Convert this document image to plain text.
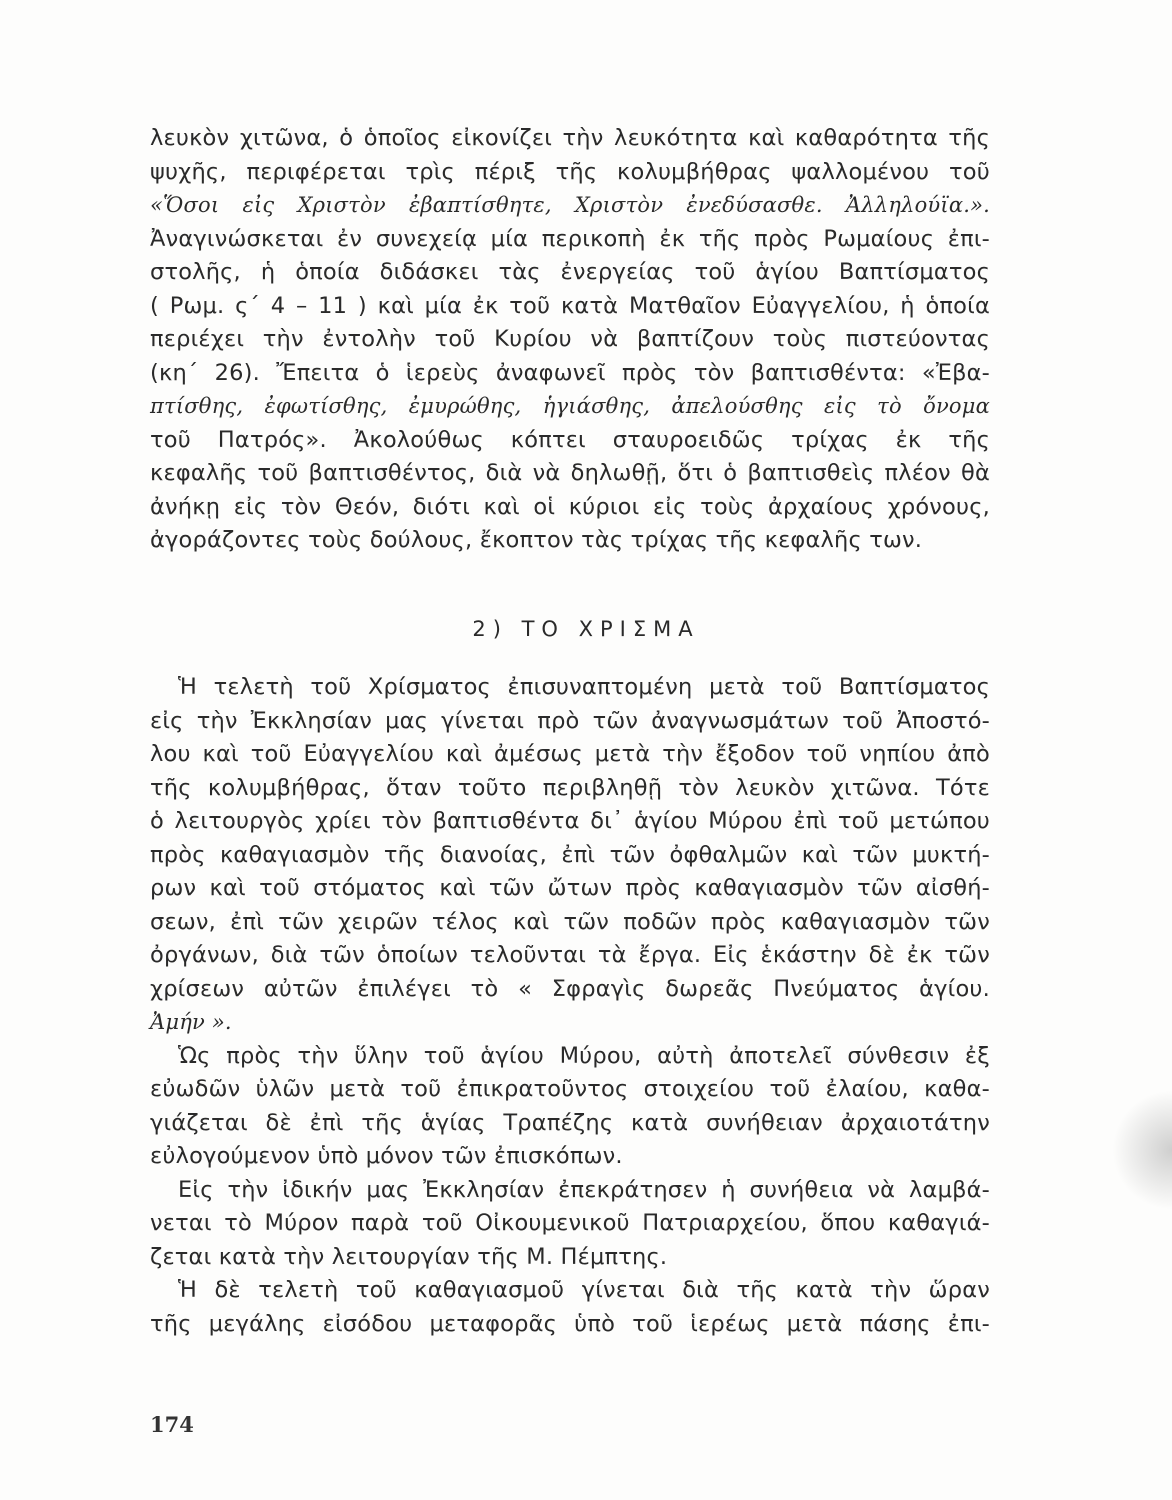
λευκὸν χιτῶνα, ὁ ὁποῖος εἰκονίζει τὴν λευκότητα καὶ καθαρότητα τῆς
ψυχῆς, περιφέρεται τρὶς πέριξ τῆς κολυμβήθρας ψαλλομένου τοῦ
«Ὅσοι εἰς Χριστὸν ἐβαπτίσθητε, Χριστὸν ἐνεδύσασθε. Ἀλληλούϊα.».
Ἀναγινώσκεται ἐν συνεχείᾳ μία περικοπὴ ἐκ τῆς πρὸς Ρωμαίους ἐπι-
στολῆς, ἡ ὁποία διδάσκει τὰς ἐνεργείας τοῦ ἁγίου Βαπτίσματος
( Ρωμ. ς΄ 4 – 11 ) καὶ μία ἐκ τοῦ κατὰ Ματθαῖον Εὐαγγελίου, ἡ ὁποία
περιέχει τὴν ἐντολὴν τοῦ Κυρίου νὰ βαπτίζουν τοὺς πιστεύοντας
(κη΄ 26). Ἔπειτα ὁ ἱερεὺς ἀναφωνεῖ πρὸς τὸν βαπτισθέντα: «Ἐβα-
πτίσθης, ἐφωτίσθης, ἐμυρώθης, ἡγιάσθης, ἀπελούσθης εἰς τὸ ὄνομα
τοῦ Πατρός». Ἀκολούθως κόπτει σταυροειδῶς τρίχας ἐκ τῆς
κεφαλῆς τοῦ βαπτισθέντος, διὰ νὰ δηλωθῇ, ὅτι ὁ βαπτισθεὶς πλέον θὰ
ἀνήκῃ εἰς τὸν Θεόν, διότι καὶ οἱ κύριοι εἰς τοὺς ἀρχαίους χρόνους,
ἀγοράζοντες τοὺς δούλους, ἔκοπτον τὰς τρίχας τῆς κεφαλῆς των.
2) ΤΟ ΧΡΙΣΜΑ
Ἡ τελετὴ τοῦ Χρίσματος ἐπισυναπτομένη μετὰ τοῦ Βαπτίσματος
εἰς τὴν Ἐκκλησίαν μας γίνεται πρὸ τῶν ἀναγνωσμάτων τοῦ Ἀποστό-
λου καὶ τοῦ Εὐαγγελίου καὶ ἀμέσως μετὰ τὴν ἔξοδον τοῦ νηπίου ἀπὸ
τῆς κολυμβήθρας, ὅταν τοῦτο περιβληθῇ τὸν λευκὸν χιτῶνα. Τότε
ὁ λειτουργὸς χρίει τὸν βαπτισθέντα δι᾽ ἁγίου Μύρου ἐπὶ τοῦ μετώπου
πρὸς καθαγιασμὸν τῆς διανοίας, ἐπὶ τῶν ὀφθαλμῶν καὶ τῶν μυκτή-
ρων καὶ τοῦ στόματος καὶ τῶν ὤτων πρὸς καθαγιασμὸν τῶν αἰσθή-
σεων, ἐπὶ τῶν χειρῶν τέλος καὶ τῶν ποδῶν πρὸς καθαγιασμὸν τῶν
ὀργάνων, διὰ τῶν ὁποίων τελοῦνται τὰ ἔργα. Εἰς ἑκάστην δὲ ἐκ τῶν
χρίσεων αὐτῶν ἐπιλέγει τὸ « Σφραγὶς δωρεᾶς Πνεύματος ἁγίου.
Ἀμήν ».
Ὡς πρὸς τὴν ὕλην τοῦ ἁγίου Μύρου, αὐτὴ ἀποτελεῖ σύνθεσιν ἐξ
εὐωδῶν ὑλῶν μετὰ τοῦ ἐπικρατοῦντος στοιχείου τοῦ ἐλαίου, καθα-
γιάζεται δὲ ἐπὶ τῆς ἁγίας Τραπέζης κατὰ συνήθειαν ἀρχαιοτάτην
εὐλογούμενον ὑπὸ μόνον τῶν ἐπισκόπων.
Εἰς τὴν ἰδικήν μας Ἐκκλησίαν ἐπεκράτησεν ἡ συνήθεια νὰ λαμβά-
νεται τὸ Μύρον παρὰ τοῦ Οἰκουμενικοῦ Πατριαρχείου, ὅπου καθαγιά-
ζεται κατὰ τὴν λειτουργίαν τῆς Μ. Πέμπτης.
Ἡ δὲ τελετὴ τοῦ καθαγιασμοῦ γίνεται διὰ τῆς κατὰ τὴν ὥραν
τῆς μεγάλης εἰσόδου μεταφορᾶς ὑπὸ τοῦ ἱερέως μετὰ πάσης ἐπι-
174
